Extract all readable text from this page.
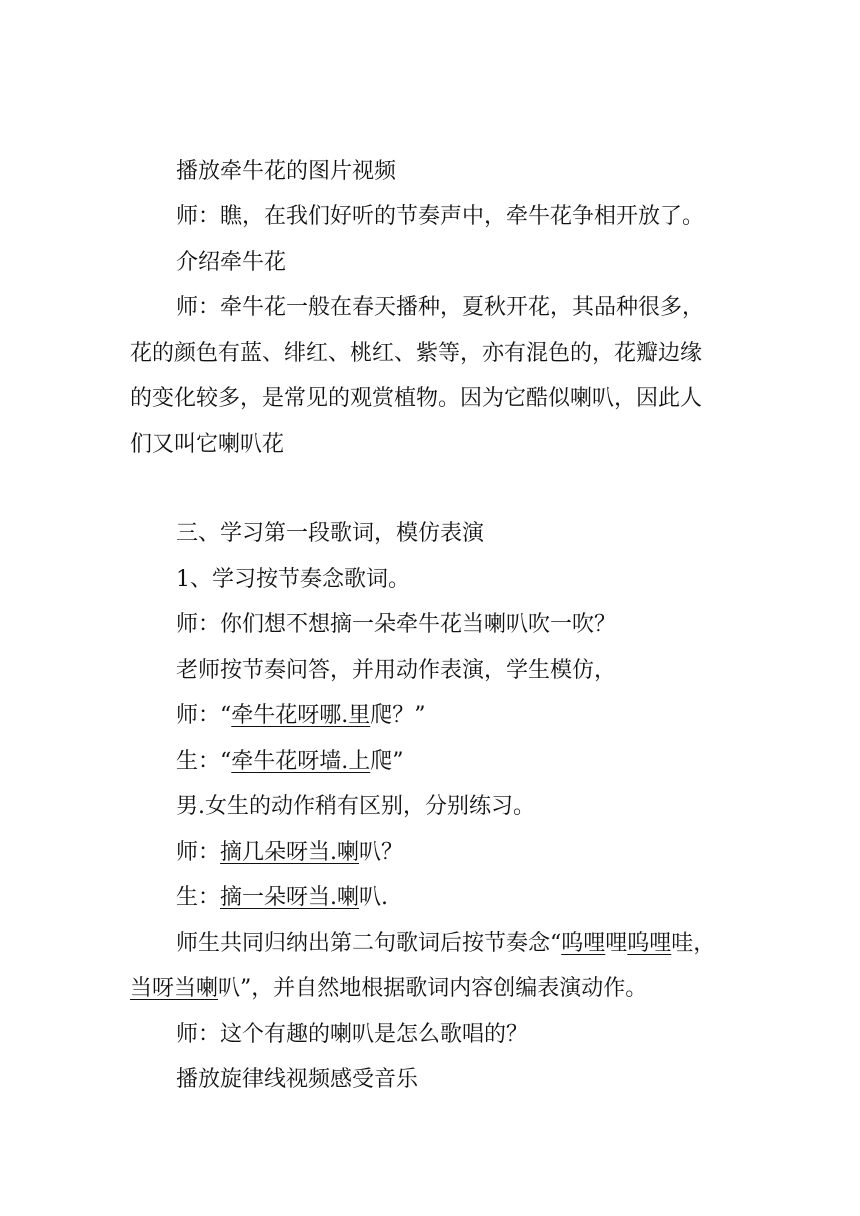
播放牵牛花的图片视频
师：瞧，在我们好听的节奏声中，牵牛花争相开放了。
介绍牵牛花
师：牵牛花一般在春天播种，夏秋开花，其品种很多，
花的颜色有蓝、绯红、桃红、紫等，亦有混色的，花瓣边缘
的变化较多，是常见的观赏植物。因为它酷似喇叭，因此人
们又叫它喇叭花
三、学习第一段歌词，模仿表演
1、学习按节奏念歌词。
师：你们想不想摘一朵牵牛花当喇叭吹一吹？
老师按节奏问答，并用动作表演，学生模仿，
师：“牵牛花呀哪.里爬？”
生：“牵牛花呀墙.上爬”
男.女生的动作稍有区别，分别练习。
师：摘几朵呀当.喇叭？
生：摘一朵呀当.喇叭.
师生共同归纳出第二句歌词后按节奏念“呜哩哩呜哩哇，
当呀当喇叭”，并自然地根据歌词内容创编表演动作。
师：这个有趣的喇叭是怎么歌唱的？
播放旋律线视频感受音乐
